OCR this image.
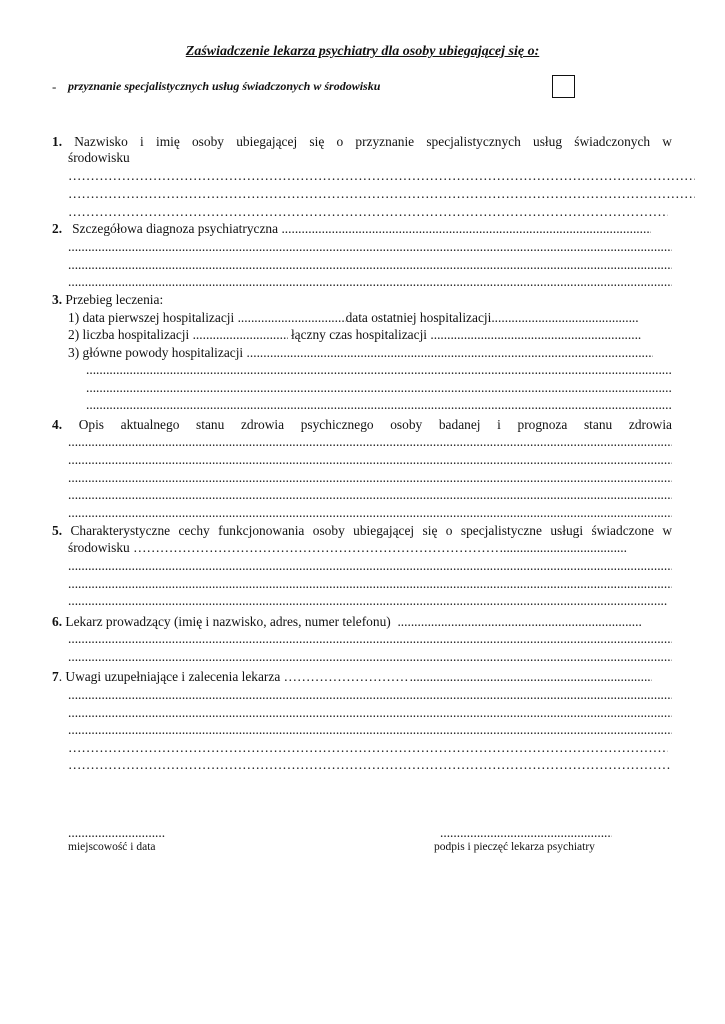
Zaświadczenie lekarza psychiatry dla osoby ubiegającej się o:
- przyznanie specjalistycznych usług świadczonych w środowisku
1. Nazwisko i imię osoby ubiegającej się o przyznanie specjalistycznych usług świadczonych w
środowisku
……………………………………………………………………………………………………………………………………………………………………………………………………………………………
……………………………………………………………………………………………………………………………………………………………………………………………………………………………
……………………………………………………………………………………………………………………………………………………………………………………………………………………………
2. Szczegółowa diagnoza psychiatryczna .....
.....
.....
.....
3. Przebieg leczenia:
1) data pierwszej hospitalizacji .....	data ostatniej hospitalizacji.....
2) liczba hospitalizacji .....	łączny czas hospitalizacji .....
3) główne powody hospitalizacji .....
.....
.....
.....
4. Opis aktualnego stanu zdrowia psychicznego osoby badanej i prognoza stanu zdrowia
.....
.....
.....
.....
.....
5. Charakterystyczne cechy funkcjonowania osoby ubiegającej się o specjalistyczne usługi świadczone w
środowisku …………………………………………………………………………………………………………………………………………………………………………………………………………………………….....
.....
.....
.....
6. Lekarz prowadzący (imię i nazwisko, adres, numer telefonu)  .....
.....
.....
7. Uwagi uzupełniające i zalecenia lekarza …………………………………………………………………………………………………………………………………………………………………………………………………………………………….....
.....
.....
.....
……………………………………………………………………………………………………………………………………………………………………………………………………………………………
……………………………………………………………………………………………………………………………………………………………………………………………………………………………
.....
miejscowość i data
.....	podpis i pieczęć lekarza psychiatry
